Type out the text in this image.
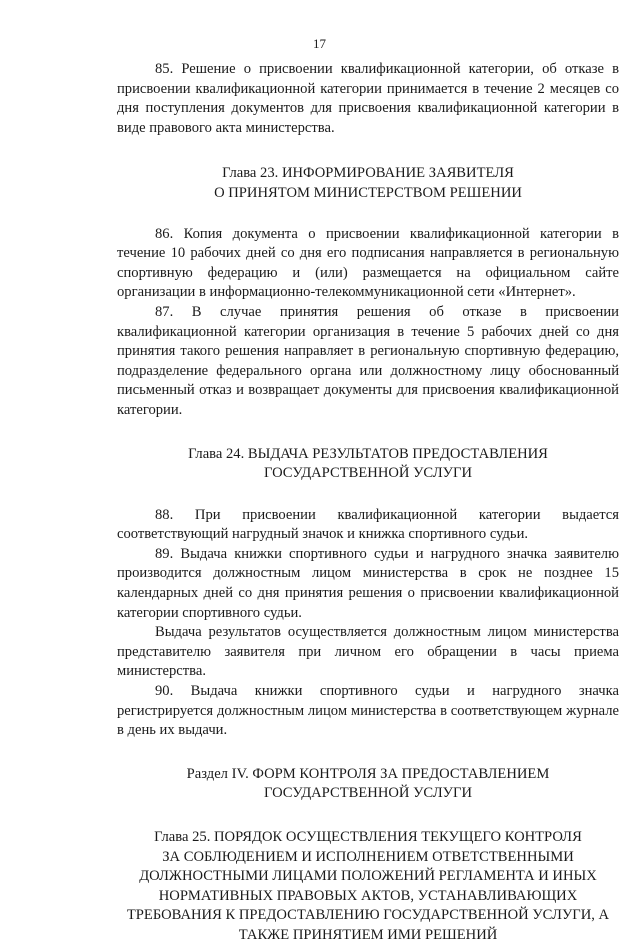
17

85. Решение о присвоении квалификационной категории, об отказе в присвоении квалификационной категории принимается в течение 2 месяцев со дня поступления документов для присвоения квалификационной категории в виде правового акта министерства.

Глава 23. ИНФОРМИРОВАНИЕ ЗАЯВИТЕЛЯ
О ПРИНЯТОМ МИНИСТЕРСТВОМ РЕШЕНИИ

86. Копия документа о присвоении квалификационной категории в течение 10 рабочих дней со дня его подписания направляется в региональную спортивную федерацию и (или) размещается на официальном сайте организации в информационно-телекоммуникационной сети «Интернет».

87. В случае принятия решения об отказе в присвоении квалификационной категории организация в течение 5 рабочих дней со дня принятия такого решения направляет в региональную спортивную федерацию, подразделение федерального органа или должностному лицу обоснованный письменный отказ и возвращает документы для присвоения квалификационной категории.

Глава 24. ВЫДАЧА РЕЗУЛЬТАТОВ ПРЕДОСТАВЛЕНИЯ
ГОСУДАРСТВЕННОЙ УСЛУГИ

88. При присвоении квалификационной категории выдается соответствующий нагрудный значок и книжка спортивного судьи.

89. Выдача книжки спортивного судьи и нагрудного значка заявителю производится должностным лицом министерства в срок не позднее 15 календарных дней со дня принятия решения о присвоении квалификационной категории спортивного судьи.

Выдача результатов осуществляется должностным лицом министерства представителю заявителя при личном его обращении в часы приема министерства.

90. Выдача книжки спортивного судьи и нагрудного значка регистрируется должностным лицом министерства в соответствующем журнале в день их выдачи.

Раздел IV. ФОРМ КОНТРОЛЯ ЗА ПРЕДОСТАВЛЕНИЕМ
ГОСУДАРСТВЕННОЙ УСЛУГИ
Глава 25. ПОРЯДОК ОСУЩЕСТВЛЕНИЯ ТЕКУЩЕГО КОНТРОЛЯ
ЗА СОБЛЮДЕНИЕМ И ИСПОЛНЕНИЕМ ОТВЕТСТВЕННЫМИ
ДОЛЖНОСТНЫМИ ЛИЦАМИ ПОЛОЖЕНИЙ РЕГЛАМЕНТА И ИНЫХ
НОРМАТИВНЫХ ПРАВОВЫХ АКТОВ, УСТАНАВЛИВАЮЩИХ
ТРЕБОВАНИЯ К ПРЕДОСТАВЛЕНИЮ ГОСУДАРСТВЕННОЙ УСЛУГИ, А
ТАКЖЕ ПРИНЯТИЕМ ИМИ РЕШЕНИЙ
